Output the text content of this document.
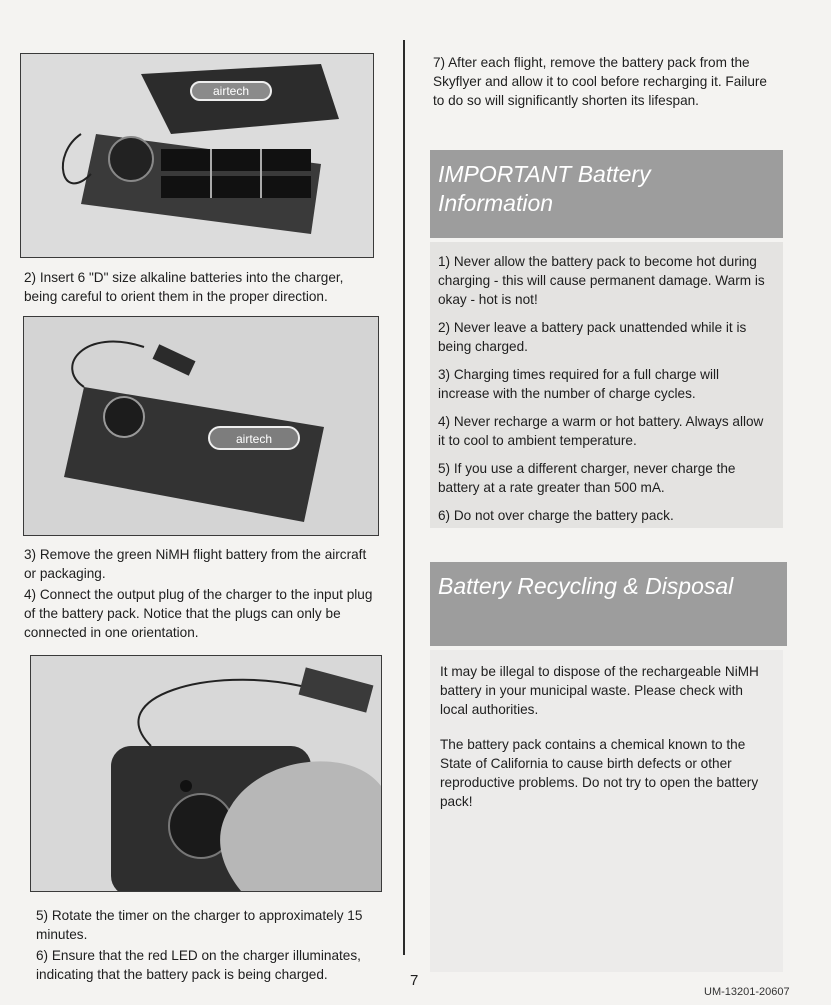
airtech
2) Insert 6 "D" size alkaline batteries into the charger, being careful to orient them in the proper direction.
airtech

3) Remove the green NiMH flight battery from the aircraft or packaging.

4) Connect the output plug of the charger to the input plug of the battery pack. Notice that the plugs can only be connected in one orientation.

5) Rotate the timer on the charger to approximately 15 minutes.

6) Ensure that the red LED on the charger illuminates, indicating that the battery pack is being charged.	7
7) After each flight, remove the battery pack from the Skyflyer and allow it to cool before recharging it. Failure to do so will significantly shorten its lifespan.
IMPORTANT Battery Information

1) Never allow the battery pack to become hot during charging - this will cause permanent damage. Warm is okay - hot is not!

2) Never leave a battery pack unattended while it is being charged.

3) Charging times required for a full charge will increase with the number of charge cycles.

4) Never recharge a warm or hot battery. Always allow it to cool to ambient temperature.

5) If you use a different charger, never charge the battery at a rate greater than 500 mA.

6) Do not over charge the battery pack.

Battery Recycling & Disposal

It may be illegal to dispose of the rechargeable NiMH battery in your municipal waste. Please check with local authorities.

The battery pack contains a chemical known to the State of California to cause birth defects or other reproductive problems. Do not try to open the battery pack!

UM-13201-20607
